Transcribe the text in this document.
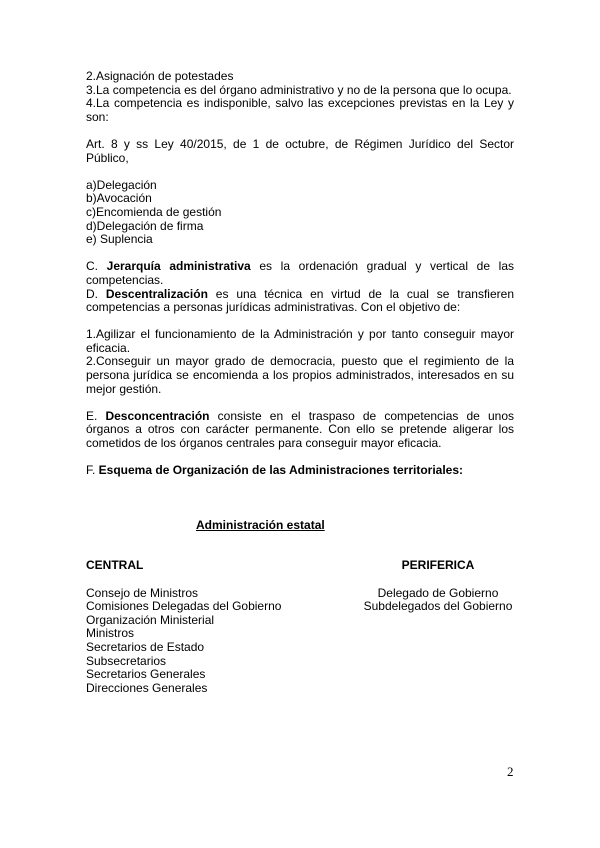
2.Asignación de potestades

3.La competencia es del órgano administrativo y no de la persona que lo ocupa.

4.La competencia es indisponible, salvo las excepciones previstas en la Ley y son:

Art. 8 y ss Ley 40/2015, de 1 de octubre, de Régimen Jurídico del Sector Público,

a)Delegación

b)Avocación

c)Encomienda de gestión

d)Delegación de firma

e) Suplencia

C. Jerarquía administrativa es la ordenación gradual y vertical de las competencias.

D. Descentralización es una técnica en virtud de la cual se transfieren competencias a personas jurídicas administrativas. Con el objetivo de:

1.Agilizar el funcionamiento de la Administración y por tanto conseguir mayor eficacia.

2.Conseguir un mayor grado de democracia, puesto que el regimiento de la persona jurídica se encomienda a los propios administrados, interesados en su mejor gestión.

E. Desconcentración consiste en el traspaso de competencias de unos órganos a otros con carácter permanente. Con ello se pretende aligerar los cometidos de los órganos centrales para conseguir mayor eficacia.

F. Esquema de Organización de las Administraciones territoriales:

Administración estatal

CENTRAL

Consejo de Ministros

Comisiones Delegadas del Gobierno

Organización Ministerial

Ministros

Secretarios de Estado

Subsecretarios

Secretarios Generales

Direcciones Generales

PERIFERICA

Delegado de Gobierno

Subdelegados del Gobierno

2
